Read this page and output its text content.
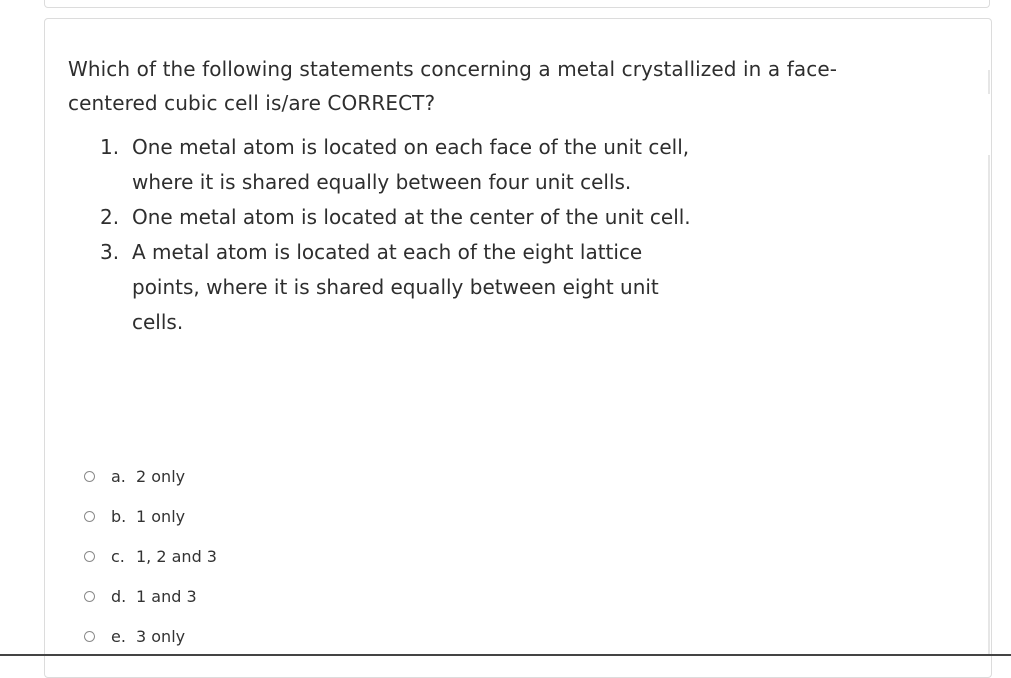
Which of the following statements concerning a metal crystallized in a face-
centered cubic cell is/are CORRECT?
1. One metal atom is located on each face of the unit cell, where it is shared equally between four unit cells.
2. One metal atom is located at the center of the unit cell.
3. A metal atom is located at each of the eight lattice points, where it is shared equally between eight unit cells.
a. 2 only
b. 1 only
c. 1, 2 and 3
d. 1 and 3
e. 3 only
